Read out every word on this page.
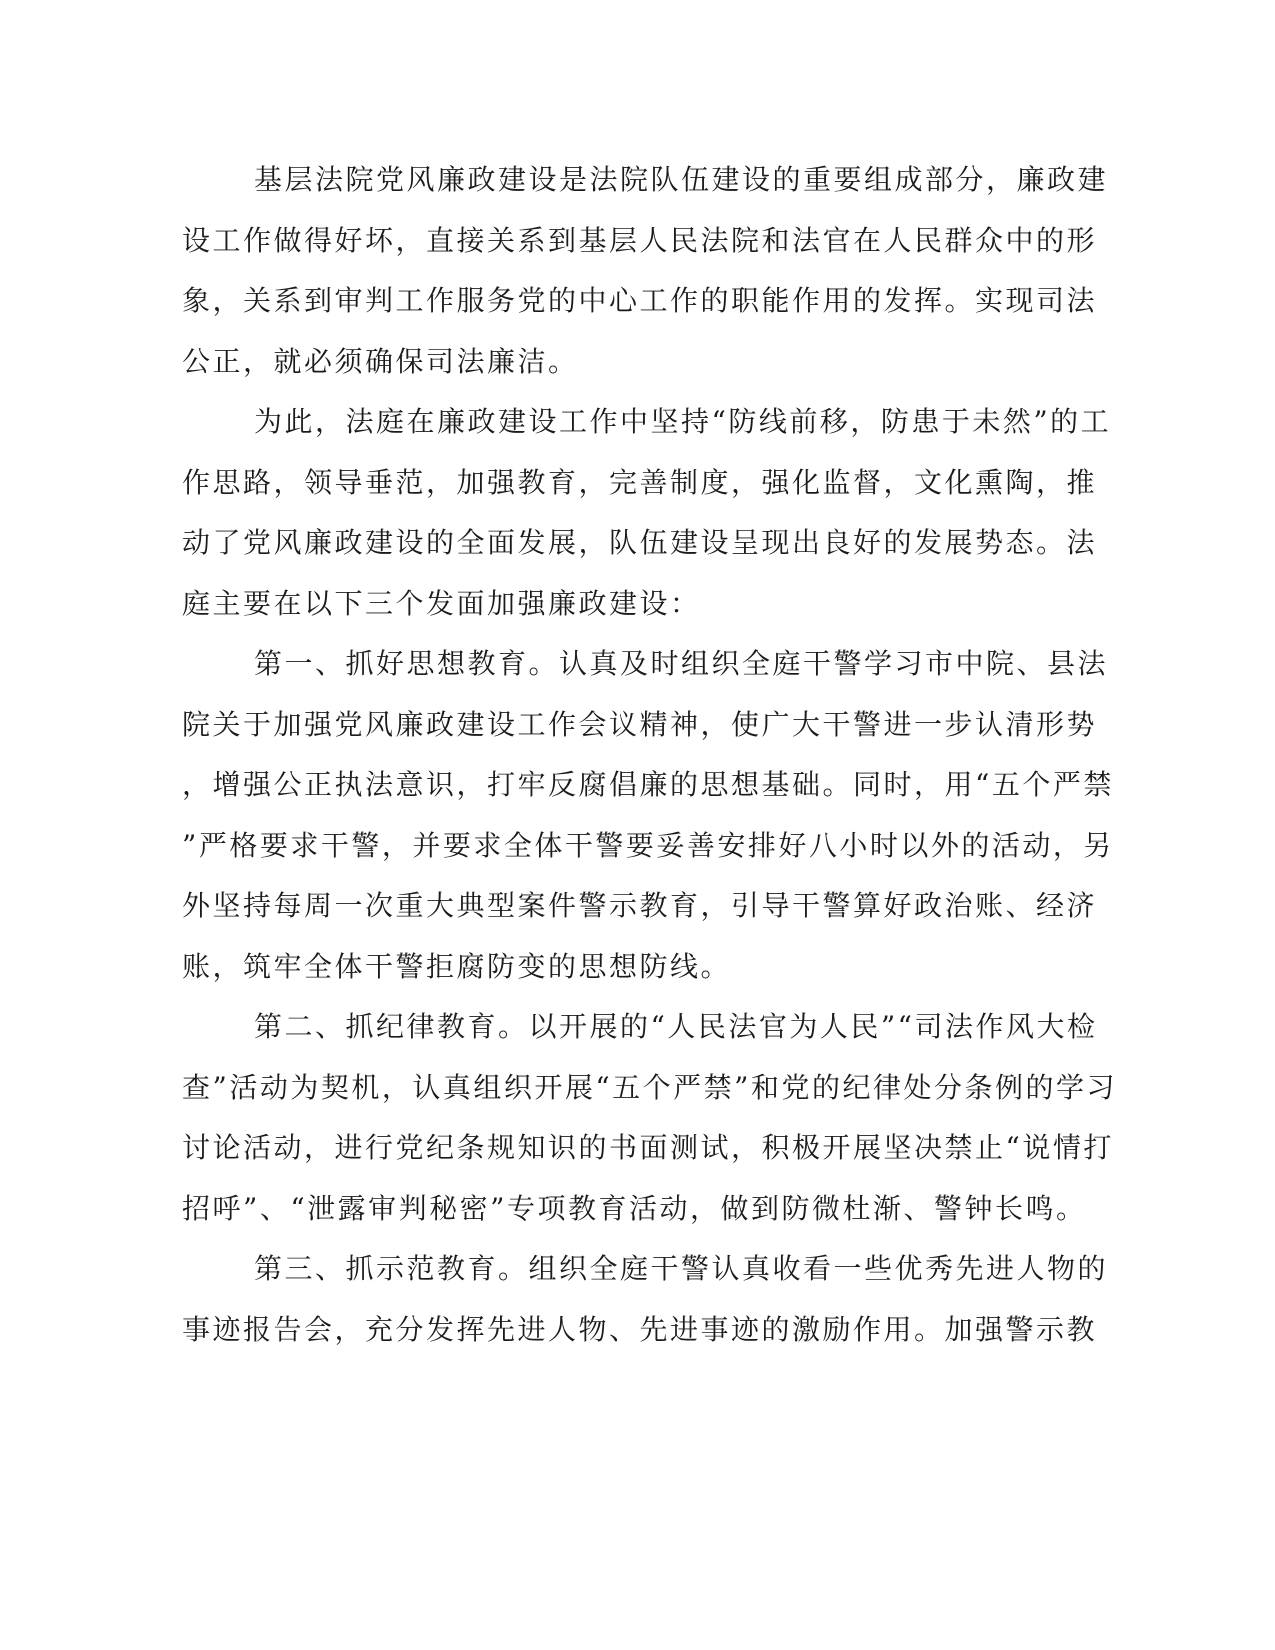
基层法院党风廉政建设是法院队伍建设的重要组成部分，廉政建
设工作做得好坏，直接关系到基层人民法院和法官在人民群众中的形
象，关系到审判工作服务党的中心工作的职能作用的发挥。实现司法
公正，就必须确保司法廉洁。
为此，法庭在廉政建设工作中坚持“防线前移，防患于未然”的工
作思路，领导垂范，加强教育，完善制度，强化监督，文化熏陶，推
动了党风廉政建设的全面发展，队伍建设呈现出良好的发展势态。法
庭主要在以下三个发面加强廉政建设：
第一、抓好思想教育。认真及时组织全庭干警学习市中院、县法
院关于加强党风廉政建设工作会议精神，使广大干警进一步认清形势
，增强公正执法意识，打牢反腐倡廉的思想基础。同时，用“五个严禁
”严格要求干警，并要求全体干警要妥善安排好八小时以外的活动，另
外坚持每周一次重大典型案件警示教育，引导干警算好政治账、经济
账，筑牢全体干警拒腐防变的思想防线。
第二、抓纪律教育。以开展的“人民法官为人民”“司法作风大检
查”活动为契机，认真组织开展“五个严禁”和党的纪律处分条例的学习
讨论活动，进行党纪条规知识的书面测试，积极开展坚决禁止“说情打
招呼”、“泄露审判秘密”专项教育活动，做到防微杜渐、警钟长鸣。
第三、抓示范教育。组织全庭干警认真收看一些优秀先进人物的
事迹报告会，充分发挥先进人物、先进事迹的激励作用。加强警示教
